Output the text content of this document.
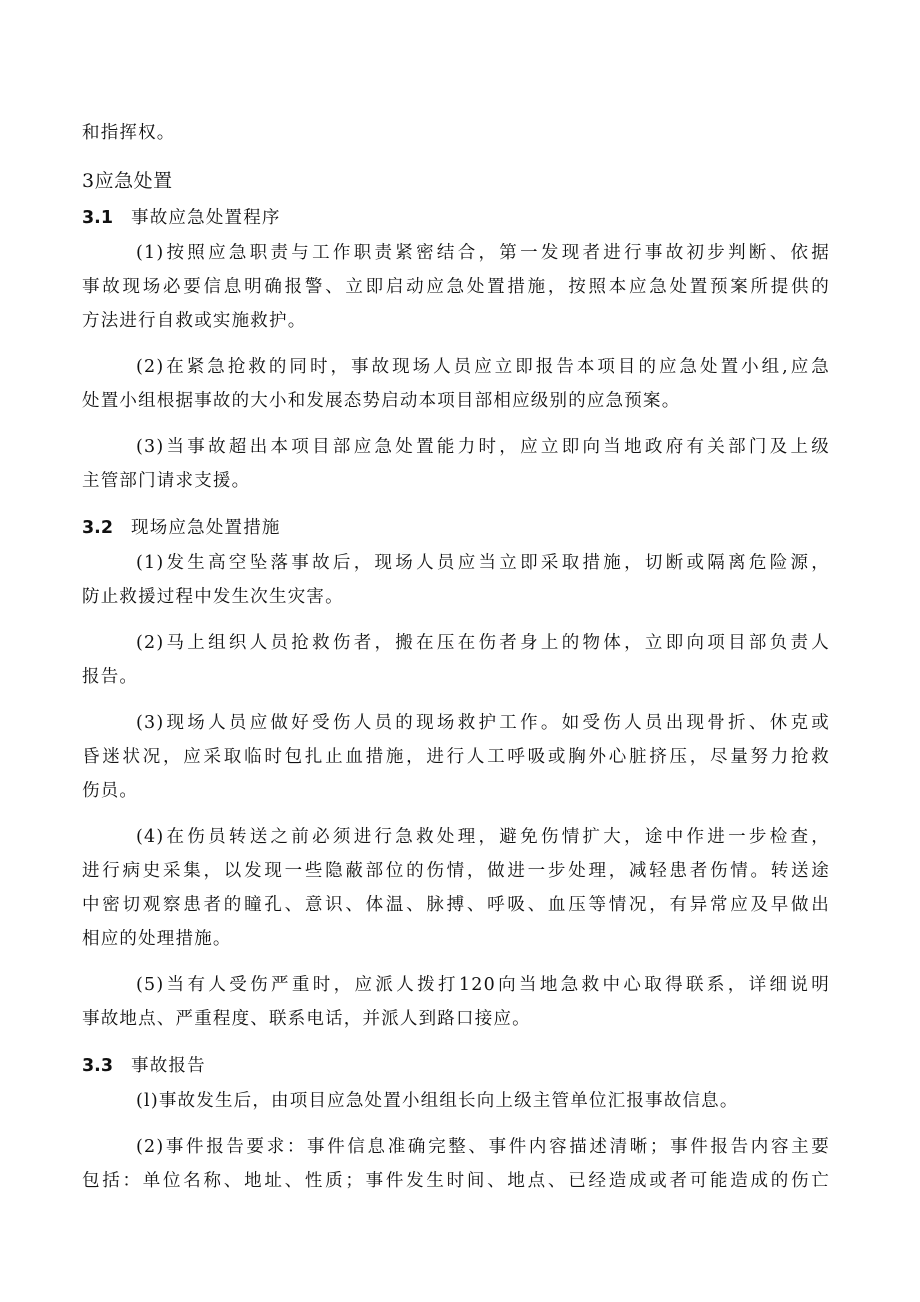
和指挥权。
3应急处置
3.1 事故应急处置程序
(1)按照应急职责与工作职责紧密结合，第一发现者进行事故初步判断、依据
事故现场必要信息明确报警、立即启动应急处置措施，按照本应急处置预案所提供的
方法进行自救或实施救护。
(2)在紧急抢救的同时，事故现场人员应立即报告本项目的应急处置小组,应急
处置小组根据事故的大小和发展态势启动本项目部相应级别的应急预案。
(3)当事故超出本项目部应急处置能力时，应立即向当地政府有关部门及上级
主管部门请求支援。
3.2 现场应急处置措施
(1)发生高空坠落事故后，现场人员应当立即采取措施，切断或隔离危险源，
防止救援过程中发生次生灾害。
(2)马上组织人员抢救伤者，搬在压在伤者身上的物体，立即向项目部负责人
报告。
(3)现场人员应做好受伤人员的现场救护工作。如受伤人员出现骨折、休克或
昏迷状况，应采取临时包扎止血措施，进行人工呼吸或胸外心脏挤压，尽量努力抢救
伤员。
(4)在伤员转送之前必须进行急救处理，避免伤情扩大，途中作进一步检查，
进行病史采集，以发现一些隐蔽部位的伤情，做进一步处理，减轻患者伤情。转送途
中密切观察患者的瞳孔、意识、体温、脉搏、呼吸、血压等情况，有异常应及早做出
相应的处理措施。
(5)当有人受伤严重时，应派人拨打120向当地急救中心取得联系，详细说明
事故地点、严重程度、联系电话，并派人到路口接应。
3.3 事故报告
(l)事故发生后，由项目应急处置小组组长向上级主管单位汇报事故信息。
(2)事件报告要求：事件信息准确完整、事件内容描述清晰；事件报告内容主要
包括：单位名称、地址、性质；事件发生时间、地点、已经造成或者可能造成的伤亡
